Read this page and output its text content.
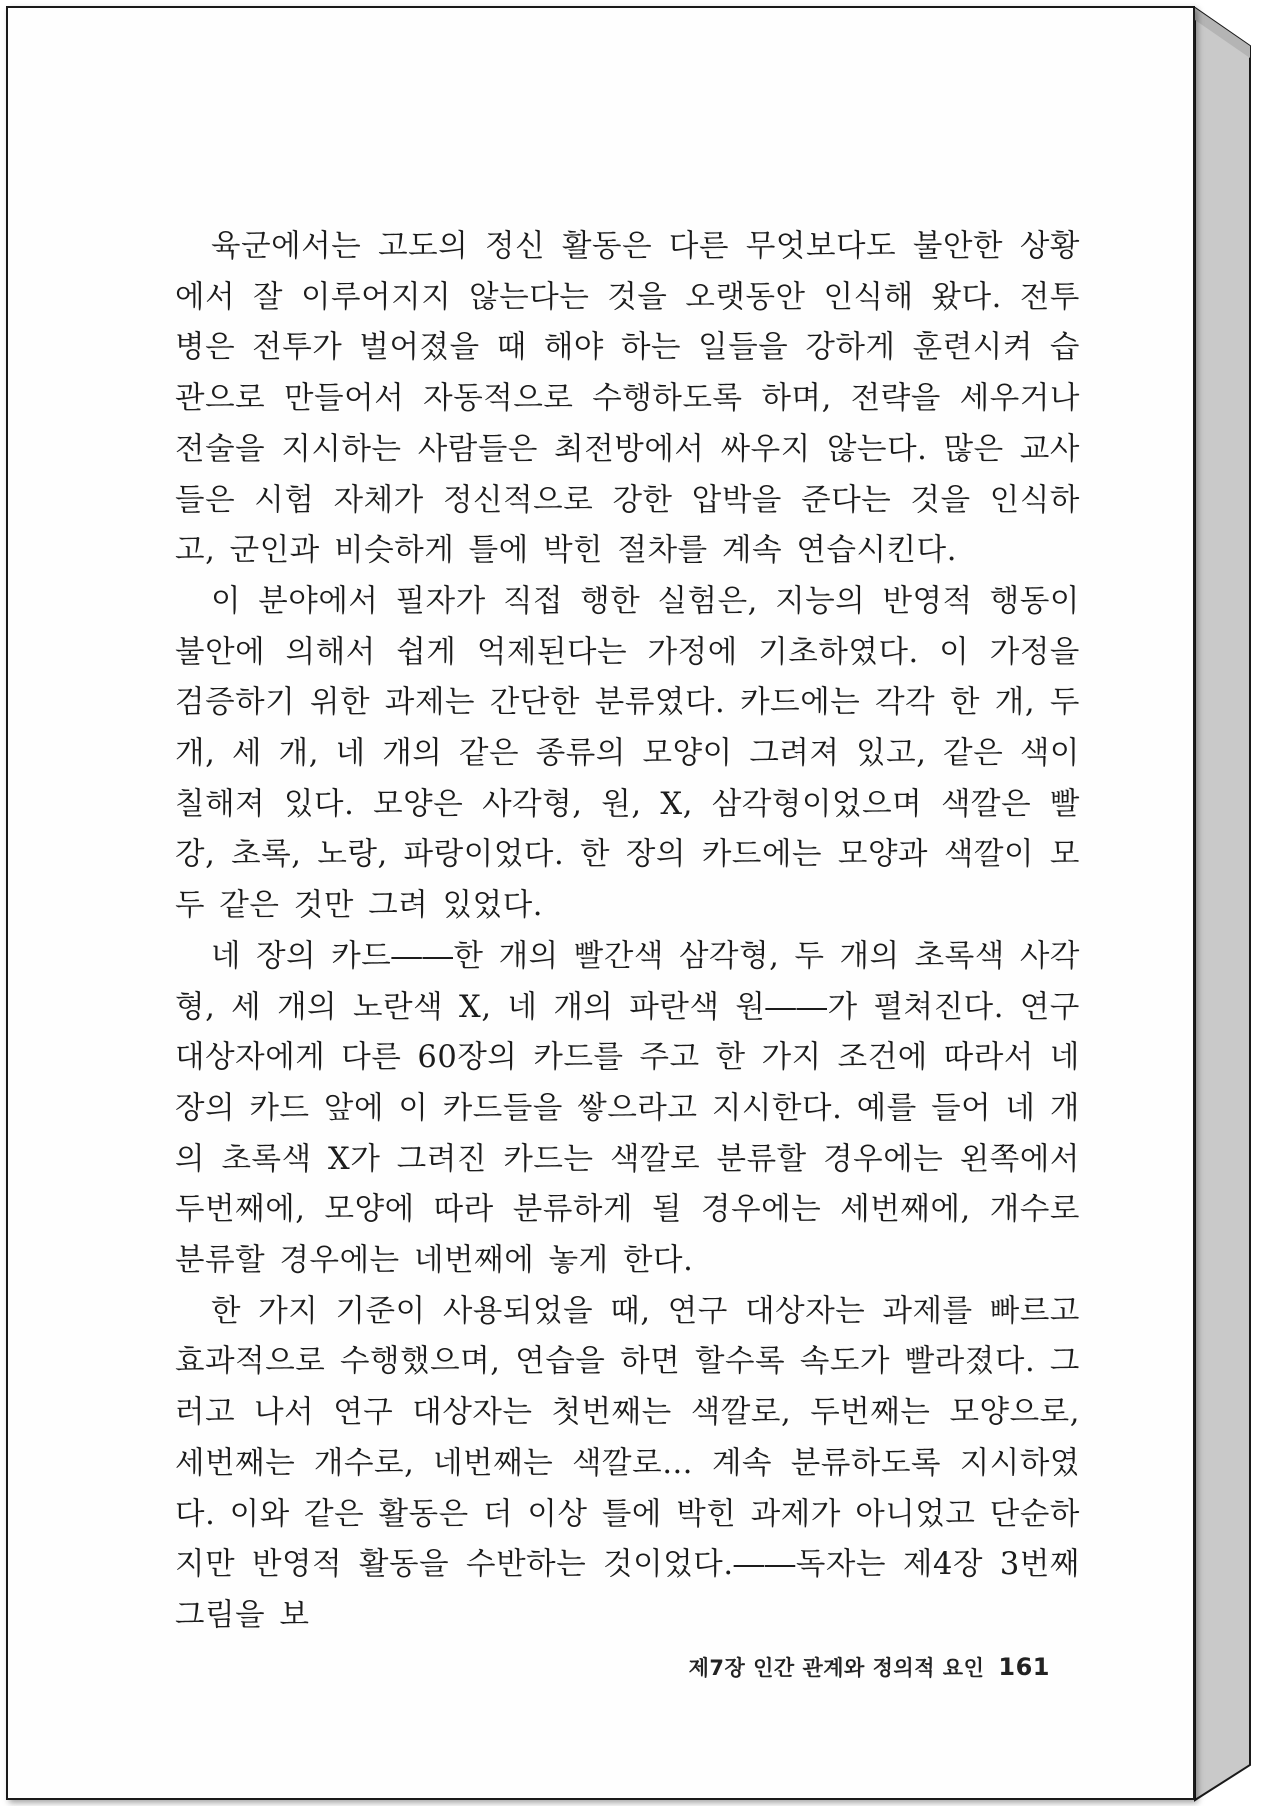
육군에서는 고도의 정신 활동은 다른 무엇보다도 불안한 상황에서 잘 이루어지지 않는다는 것을 오랫동안 인식해 왔다. 전투병은 전투가 벌어졌을 때 해야 하는 일들을 강하게 훈련시켜 습관으로 만들어서 자동적으로 수행하도록 하며, 전략을 세우거나 전술을 지시하는 사람들은 최전방에서 싸우지 않는다. 많은 교사들은 시험 자체가 정신적으로 강한 압박을 준다는 것을 인식하고, 군인과 비슷하게 틀에 박힌 절차를 계속 연습시킨다.

이 분야에서 필자가 직접 행한 실험은, 지능의 반영적 행동이 불안에 의해서 쉽게 억제된다는 가정에 기초하였다. 이 가정을 검증하기 위한 과제는 간단한 분류였다. 카드에는 각각 한 개, 두 개, 세 개, 네 개의 같은 종류의 모양이 그려져 있고, 같은 색이 칠해져 있다. 모양은 사각형, 원, X, 삼각형이었으며 색깔은 빨강, 초록, 노랑, 파랑이었다. 한 장의 카드에는 모양과 색깔이 모두 같은 것만 그려 있었다.

네 장의 카드――한 개의 빨간색 삼각형, 두 개의 초록색 사각형, 세 개의 노란색 X, 네 개의 파란색 원――가 펼쳐진다. 연구 대상자에게 다른 60장의 카드를 주고 한 가지 조건에 따라서 네 장의 카드 앞에 이 카드들을 쌓으라고 지시한다. 예를 들어 네 개의 초록색 X가 그려진 카드는 색깔로 분류할 경우에는 왼쪽에서 두번째에, 모양에 따라 분류하게 될 경우에는 세번째에, 개수로 분류할 경우에는 네번째에 놓게 한다.

한 가지 기준이 사용되었을 때, 연구 대상자는 과제를 빠르고 효과적으로 수행했으며, 연습을 하면 할수록 속도가 빨라졌다. 그러고 나서 연구 대상자는 첫번째는 색깔로, 두번째는 모양으로, 세번째는 개수로, 네번째는 색깔로… 계속 분류하도록 지시하였다. 이와 같은 활동은 더 이상 틀에 박힌 과제가 아니었고 단순하지만 반영적 활동을 수반하는 것이었다.――독자는 제4장 3번째 그림을 보

제7장 인간 관계와 정의적 요인 161
